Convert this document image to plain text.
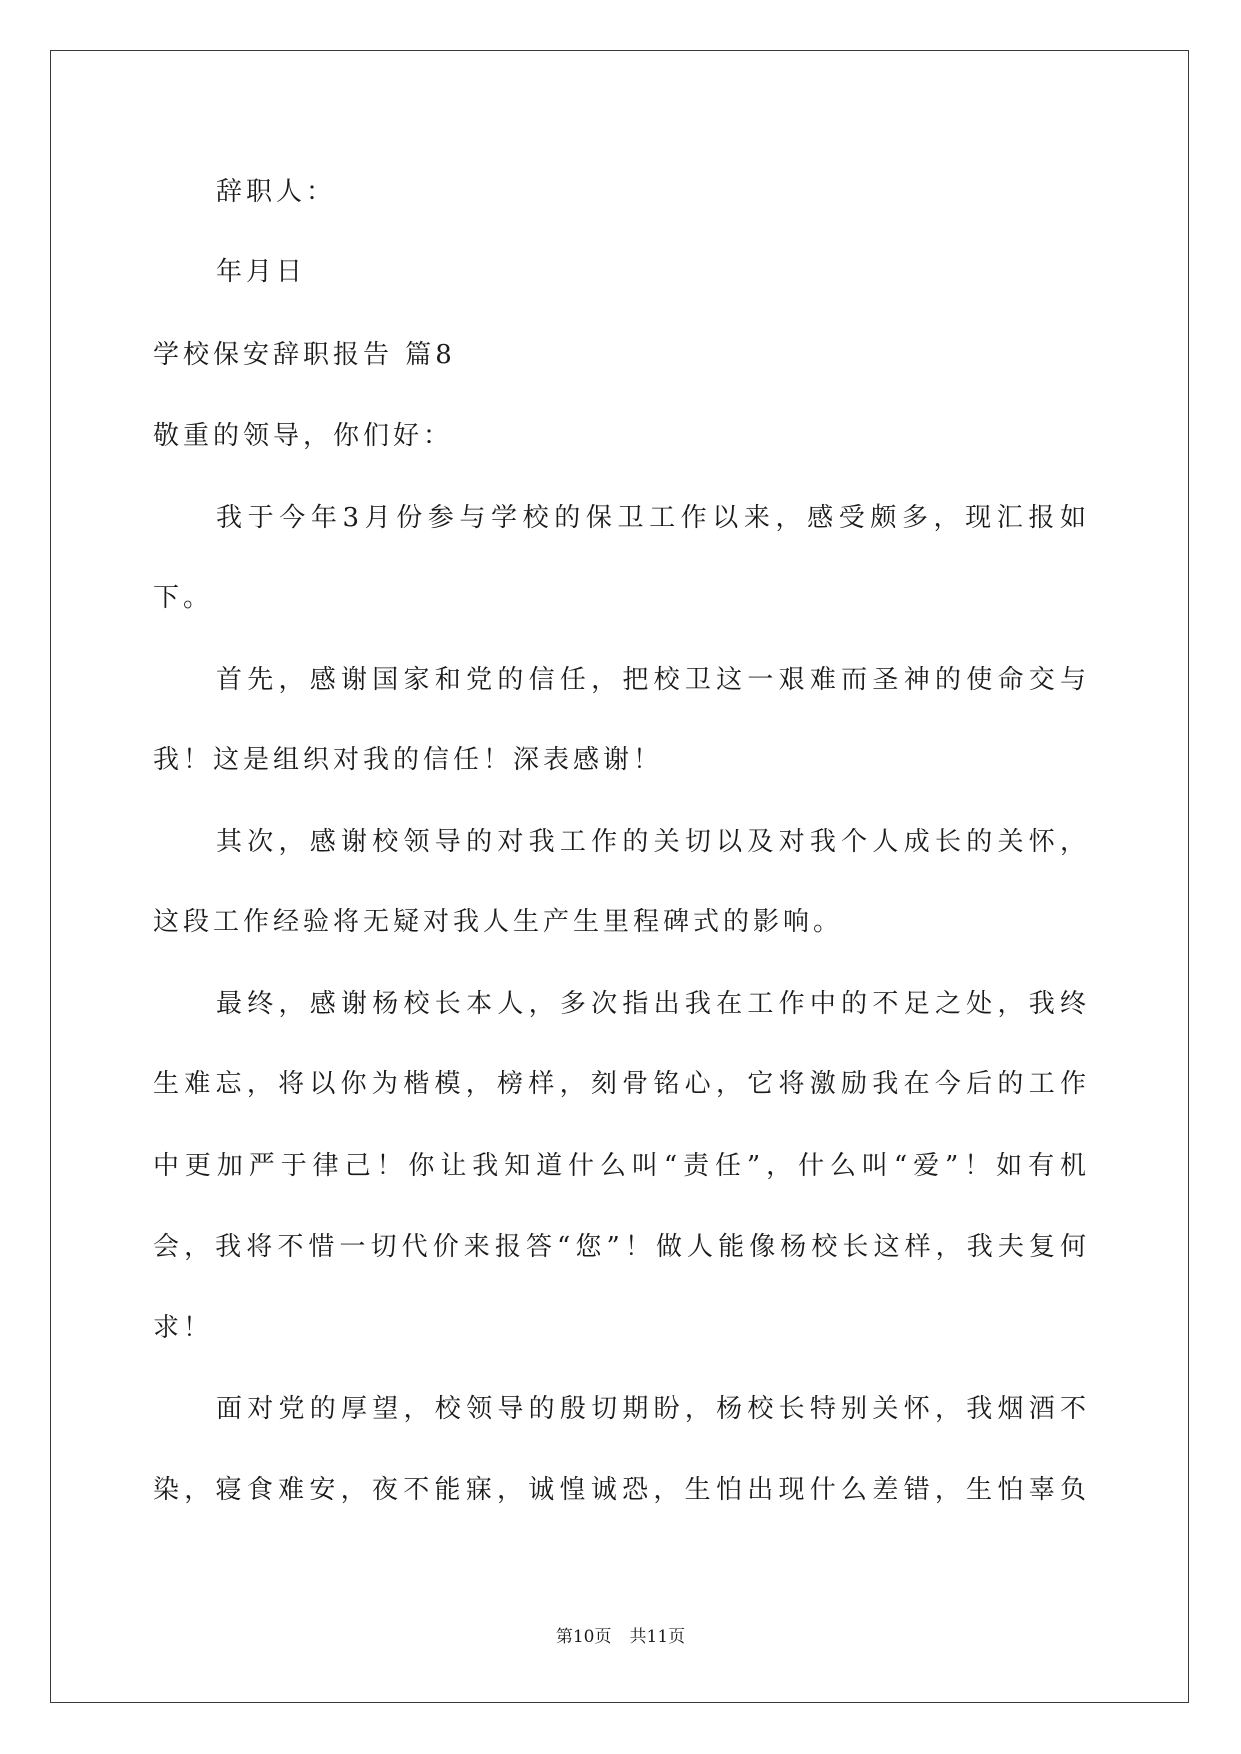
辞职人：
年月日
学校保安辞职报告 篇8
敬重的领导，你们好：
我于今年3月份参与学校的保卫工作以来，感受颇多，现汇报如
下。
首先，感谢国家和党的信任，把校卫这一艰难而圣神的使命交与
我！这是组织对我的信任！深表感谢！
其次，感谢校领导的对我工作的关切以及对我个人成长的关怀，
这段工作经验将无疑对我人生产生里程碑式的影响。
最终，感谢杨校长本人，多次指出我在工作中的不足之处，我终
生难忘，将以你为楷模，榜样，刻骨铭心，它将激励我在今后的工作
中更加严于律己！你让我知道什么叫“责任”，什么叫“爱”！如有机
会，我将不惜一切代价来报答“您”！做人能像杨校长这样，我夫复何
求！
面对党的厚望，校领导的殷切期盼，杨校长特别关怀，我烟酒不
染，寝食难安，夜不能寐，诚惶诚恐，生怕出现什么差错，生怕辜负
第10页 共11页
